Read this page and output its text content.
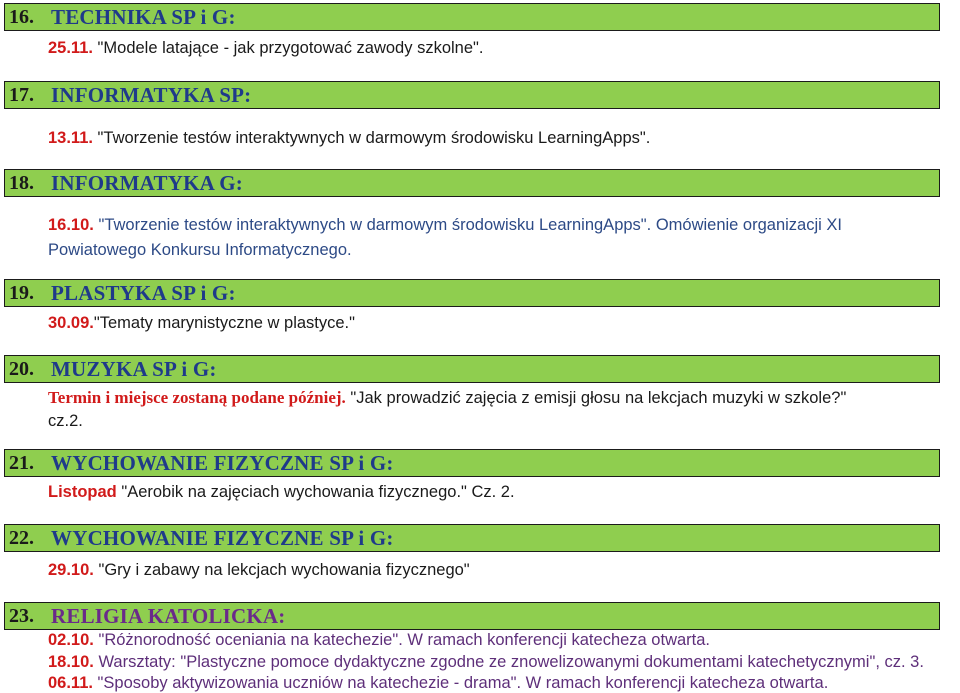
16. TECHNIKA SP i G:
25.11. "Modele latające - jak przygotować zawody szkolne".
17. INFORMATYKA SP:
13.11. "Tworzenie testów interaktywnych w darmowym środowisku LearningApps".
18. INFORMATYKA G:
16.10. "Tworzenie testów interaktywnych w darmowym środowisku LearningApps". Omówienie organizacji XI
Powiatowego Konkursu Informatycznego.
19. PLASTYKA SP i G:
30.09."Tematy marynistyczne w plastyce."
20. MUZYKA SP i G:
Termin i miejsce zostaną podane później. "Jak prowadzić zajęcia z emisji głosu na lekcjach muzyki w szkole?"
cz.2.
21. WYCHOWANIE FIZYCZNE SP i G:
Listopad "Aerobik na zajęciach wychowania fizycznego." Cz. 2.
22. WYCHOWANIE FIZYCZNE SP i G:
29.10. "Gry i zabawy na lekcjach wychowania fizycznego"
23. RELIGIA KATOLICKA:
02.10. "Różnorodność oceniania na katechezie". W ramach konferencji katecheza otwarta.
18.10. Warsztaty: "Plastyczne pomoce dydaktyczne zgodne ze znowelizowanymi dokumentami katechetycznymi", cz. 3.
06.11. "Sposoby aktywizowania uczniów na katechezie - drama". W ramach konferencji katecheza otwarta.
